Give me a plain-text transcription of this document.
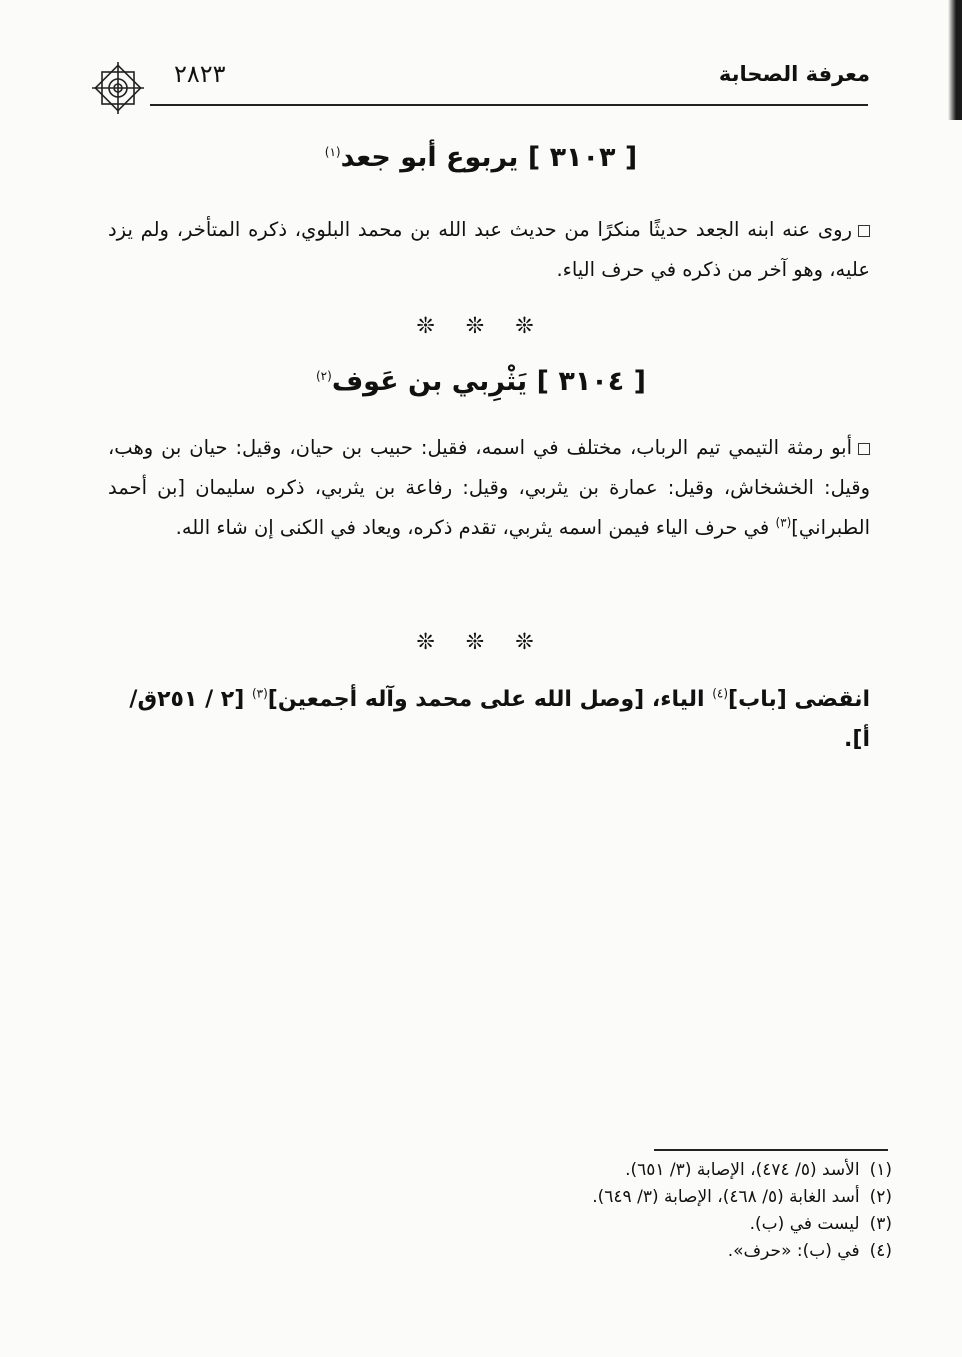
معرفة الصحابة
٢٨٢٣
[ ٣١٠٣ ] يربوع أبو جعد$^{(١)}$
روى عنه ابنه الجعد حديثًا منكرًا من حديث عبد الله بن محمد البلوي، ذكره المتأخر، ولم يزد عليه، وهو آخر من ذكره في حرف الياء.
❊ ❊ ❊
[ ٣١٠٤ ] يَثْرِبي بن عَوف$^{(٢)}$
أبو رمثة التيمي تيم الرباب، مختلف في اسمه، فقيل: حبيب بن حيان، وقيل: حيان بن وهب، وقيل: الخشخاش، وقيل: عمارة بن يثربي، وقيل: رفاعة بن يثربي، ذكره سليمان [بن أحمد الطبراني]$^{(٣)}$ في حرف الياء فيمن اسمه يثربي، تقدم ذكره، ويعاد في الكنى إن شاء الله.
❊ ❊ ❊
انقضى [باب]$^{(٤)}$ الياء، [وصل الله على محمد وآله أجمعين]$^{(٣)}$ [٢ / ٢٥١ق/أ].
(١)الأسد (٥/ ٤٧٤)، الإصابة (٣/ ٦٥١).
(٢)أسد الغابة (٥/ ٤٦٨)، الإصابة (٣/ ٦٤٩).
(٣)ليست في (ب).
(٤)في (ب): «حرف».
